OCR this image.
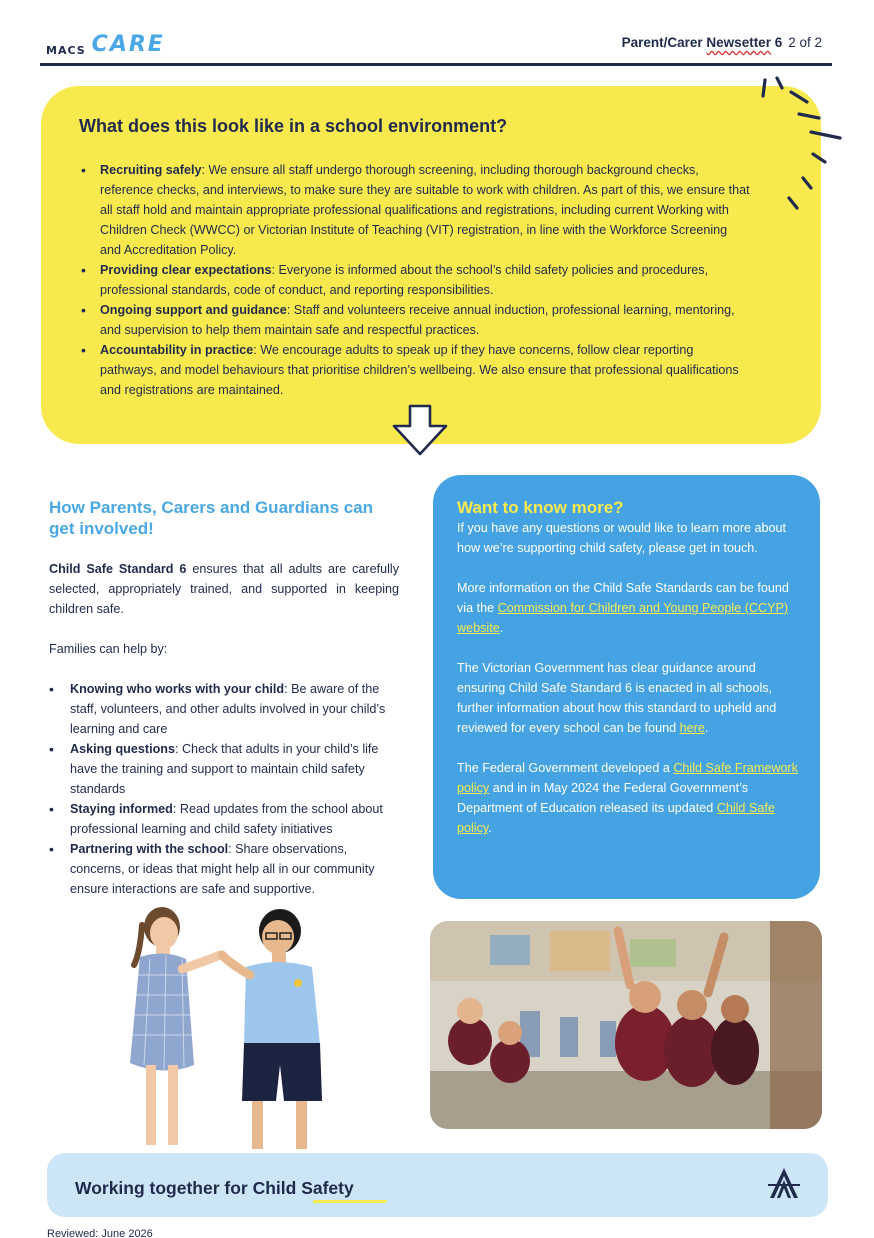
MACS CARE	Parent/Carer Newsetter 6 2 of 2
What does this look like in a school environment?
• Recruiting safely: We ensure all staff undergo thorough screening, including thorough background checks, reference checks, and interviews, to make sure they are suitable to work with children. As part of this, we ensure that all staff hold and maintain appropriate professional qualifications and registrations, including current Working with Children Check (WWCC) or Victorian Institute of Teaching (VIT) registration, in line with the Workforce Screening and Accreditation Policy.
• Providing clear expectations: Everyone is informed about the school’s child safety policies and procedures, professional standards, code of conduct, and reporting responsibilities.
• Ongoing support and guidance: Staff and volunteers receive annual induction, professional learning, mentoring, and supervision to help them maintain safe and respectful practices.
• Accountability in practice: We encourage adults to speak up if they have concerns, follow clear reporting pathways, and model behaviours that prioritise children’s wellbeing. We also ensure that professional qualifications and registrations are maintained.
How Parents, Carers and Guardians can get involved!

Child Safe Standard 6 ensures that all adults are carefully selected, appropriately trained, and supported in keeping children safe.

Families can help by:

• Knowing who works with your child: Be aware of the staff, volunteers, and other adults involved in your child’s learning and care
• Asking questions: Check that adults in your child’s life have the training and support to maintain child safety standards
• Staying informed: Read updates from the school about professional learning and child safety initiatives
• Partnering with the school: Share observations, concerns, or ideas that might help all in our community ensure interactions are safe and supportive.
Want to know more?

If you have any questions or would like to learn more about how we’re supporting child safety, please get in touch.

More information on the Child Safe Standards can be found via the Commission for Children and Young People (CCYP) website.

The Victorian Government has clear guidance around ensuring Child Safe Standard 6 is enacted in all schools, further information about how this standard to upheld and reviewed for every school can be found here.

The Federal Government developed a Child Safe Framework policy and in in May 2024 the Federal Government’s Department of Education released its updated Child Safe policy.

Working together for Child Safety
Reviewed: June 2026
